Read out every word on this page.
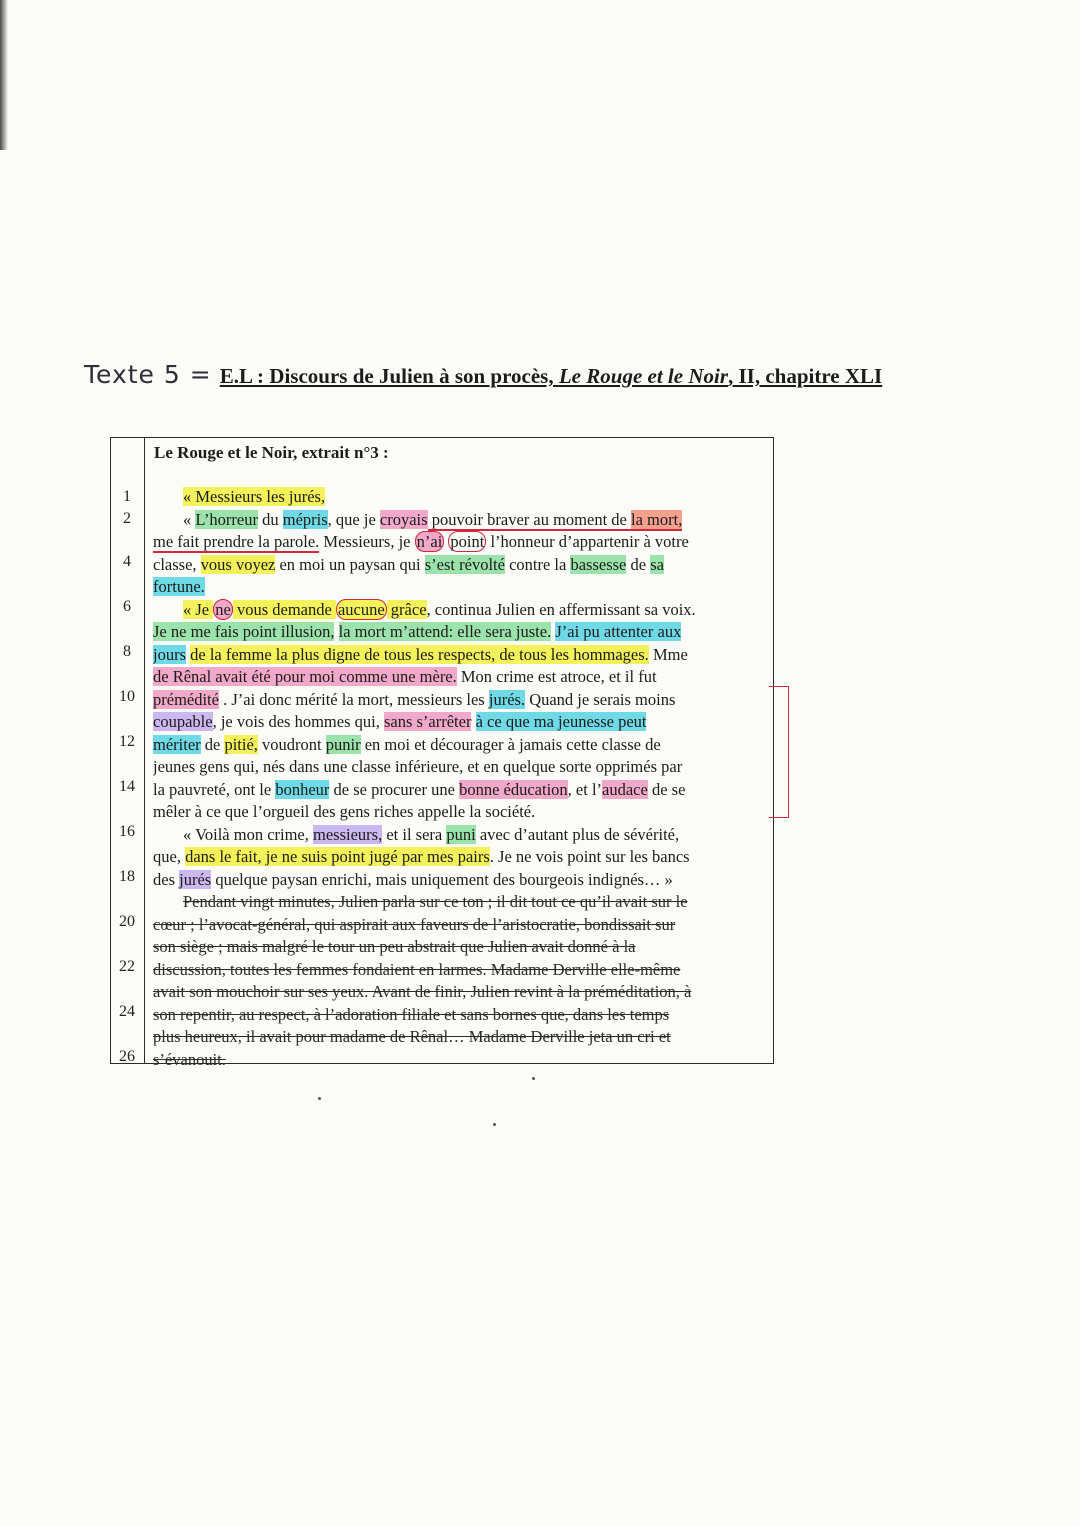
Texte 5 = E.L : Discours de Julien à son procès, Le Rouge et le Noir, II, chapitre XLI
1
2
4
6
8
10
12
14
16
18
20
22
24
26
Le Rouge et le Noir, extrait n°3 :
« Messieurs les jurés,
« L’horreur du mépris, que je croyais pouvoir braver au moment de la mort,
me fait prendre la parole. Messieurs, je n’ai point l’honneur d’appartenir à votre
classe, vous voyez en moi un paysan qui s’est révolté contre la bassesse de sa
fortune.
« Je ne vous demande aucune grâce, continua Julien en affermissant sa voix.
Je ne me fais point illusion, la mort m’attend: elle sera juste. J’ai pu attenter aux
jours de la femme la plus digne de tous les respects, de tous les hommages. Mme
de Rênal avait été pour moi comme une mère. Mon crime est atroce, et il fut
prémédité . J’ai donc mérité la mort, messieurs les jurés. Quand je serais moins
coupable, je vois des hommes qui, sans s’arrêter à ce que ma jeunesse peut
mériter de pitié, voudront punir en moi et décourager à jamais cette classe de
jeunes gens qui, nés dans une classe inférieure, et en quelque sorte opprimés par
la pauvreté, ont le bonheur de se procurer une bonne éducation, et l’audace de se
mêler à ce que l’orgueil des gens riches appelle la société.
« Voilà mon crime, messieurs, et il sera puni avec d’autant plus de sévérité,
que, dans le fait, je ne suis point jugé par mes pairs. Je ne vois point sur les bancs
des jurés quelque paysan enrichi, mais uniquement des bourgeois indignés… »
Pendant vingt minutes, Julien parla sur ce ton ; il dit tout ce qu’il avait sur le
cœur ; l’avocat-général, qui aspirait aux faveurs de l’aristocratie, bondissait sur
son siège ; mais malgré le tour un peu abstrait que Julien avait donné à la
discussion, toutes les femmes fondaient en larmes. Madame Derville elle-même
avait son mouchoir sur ses yeux. Avant de finir, Julien revint à la préméditation, à
son repentir, au respect, à l’adoration filiale et sans bornes que, dans les temps
plus heureux, il avait pour madame de Rênal… Madame Derville jeta un cri et
s’évanouit.
